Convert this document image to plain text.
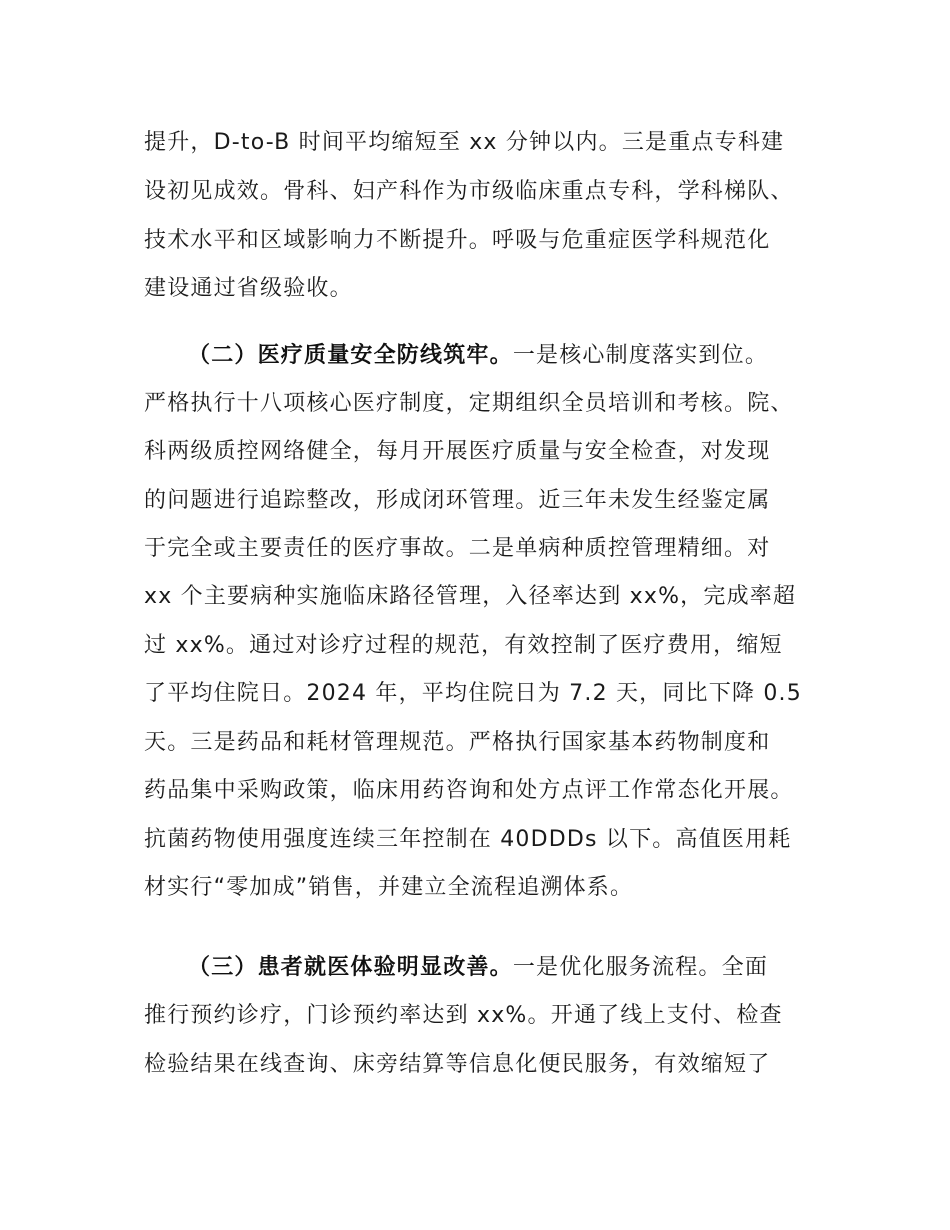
提升，D-to-B 时间平均缩短至 xx 分钟以内。三是重点专科建
设初见成效。骨科、妇产科作为市级临床重点专科，学科梯队、
技术水平和区域影响力不断提升。呼吸与危重症医学科规范化
建设通过省级验收。
（二）医疗质量安全防线筑牢。一是核心制度落实到位。
严格执行十八项核心医疗制度，定期组织全员培训和考核。院、
科两级质控网络健全，每月开展医疗质量与安全检查，对发现
的问题进行追踪整改，形成闭环管理。近三年未发生经鉴定属
于完全或主要责任的医疗事故。二是单病种质控管理精细。对
xx 个主要病种实施临床路径管理，入径率达到 xx%，完成率超
过 xx%。通过对诊疗过程的规范，有效控制了医疗费用，缩短
了平均住院日。2024 年，平均住院日为 7.2 天，同比下降 0.5
天。三是药品和耗材管理规范。严格执行国家基本药物制度和
药品集中采购政策，临床用药咨询和处方点评工作常态化开展。
抗菌药物使用强度连续三年控制在 40DDDs 以下。高值医用耗
材实行“零加成”销售，并建立全流程追溯体系。
（三）患者就医体验明显改善。一是优化服务流程。全面
推行预约诊疗，门诊预约率达到 xx%。开通了线上支付、检查
检验结果在线查询、床旁结算等信息化便民服务，有效缩短了
